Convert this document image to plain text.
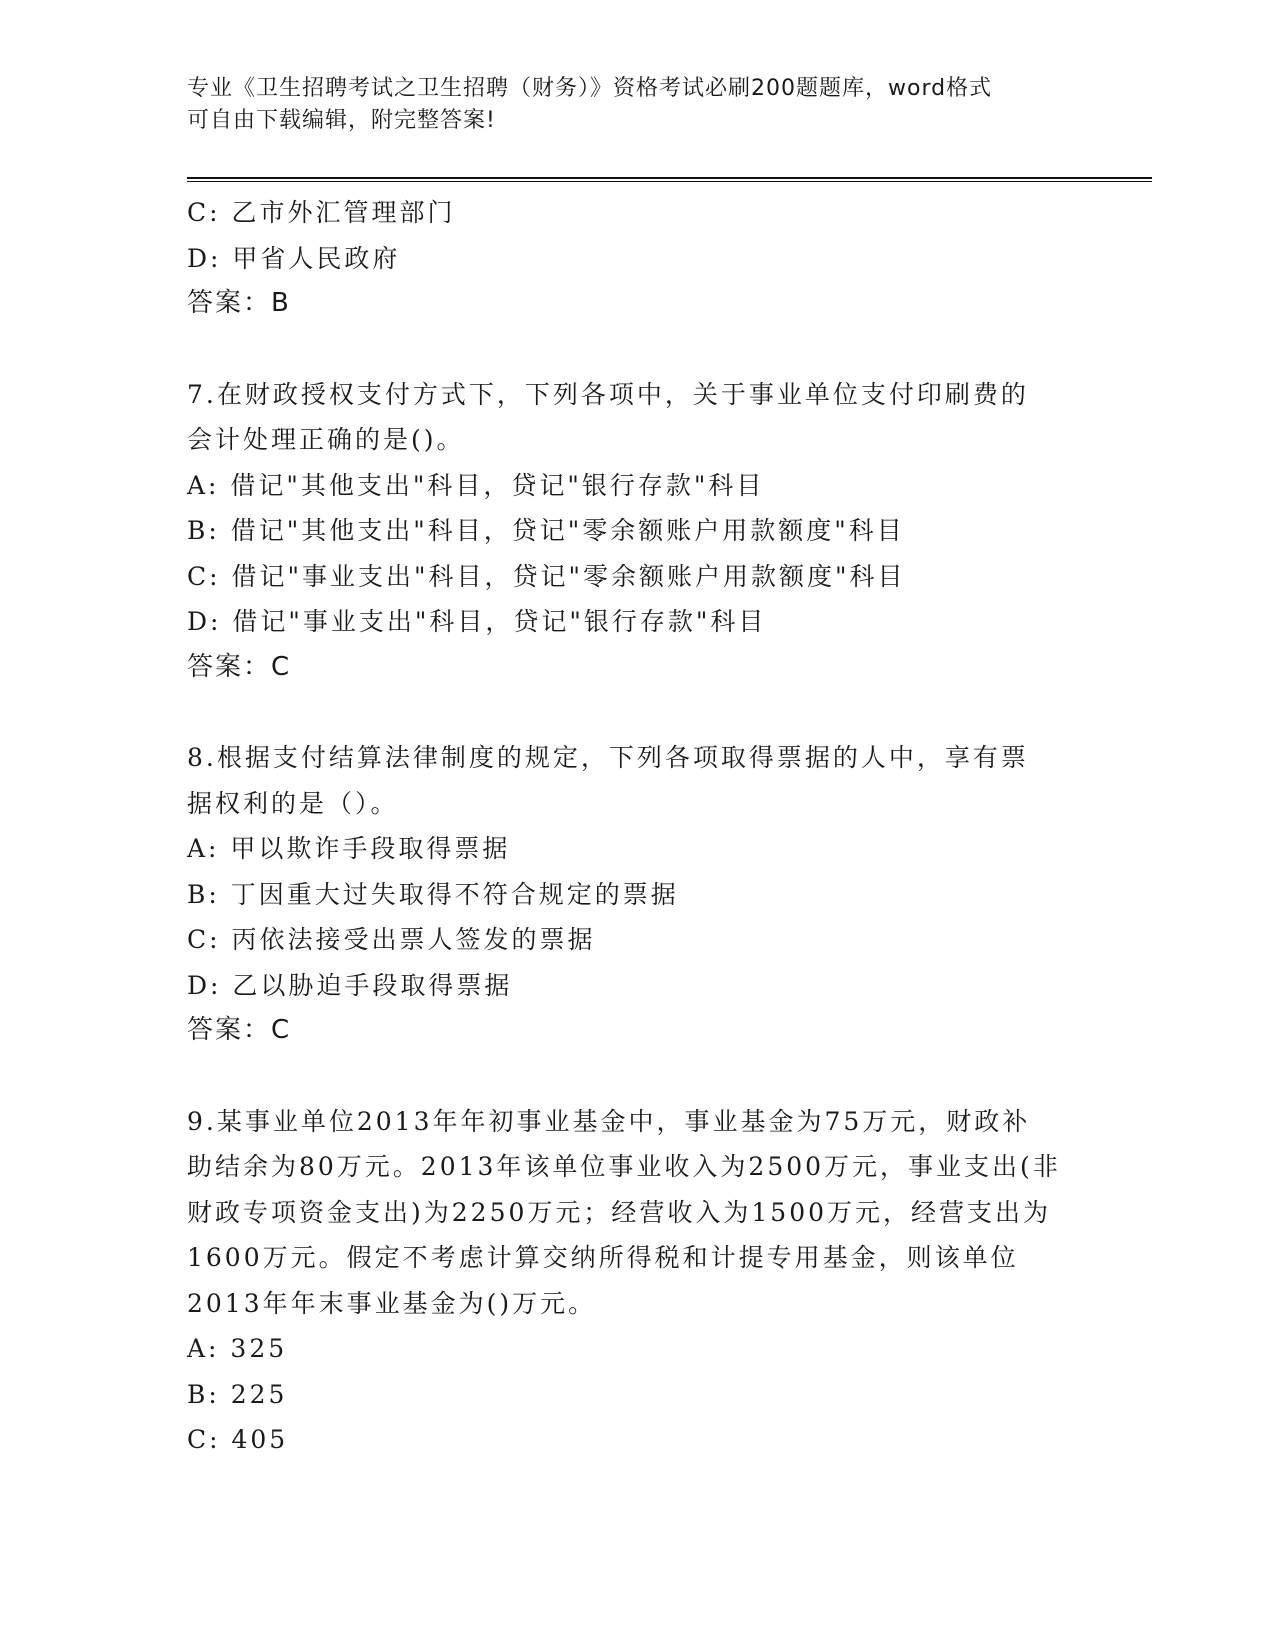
专业《卫生招聘考试之卫生招聘（财务）》资格考试必刷200题题库，word格式
可自由下载编辑，附完整答案!
C: 乙市外汇管理部门
D: 甲省人民政府
答案：B
7.在财政授权支付方式下，下列各项中，关于事业单位支付印刷费的
会计处理正确的是()。
A: 借记"其他支出"科目，贷记"银行存款"科目
B: 借记"其他支出"科目，贷记"零余额账户用款额度"科目
C: 借记"事业支出"科目，贷记"零余额账户用款额度"科目
D: 借记"事业支出"科目，贷记"银行存款"科目
答案：C
8.根据支付结算法律制度的规定，下列各项取得票据的人中，享有票
据权利的是（）。
A: 甲以欺诈手段取得票据
B: 丁因重大过失取得不符合规定的票据
C: 丙依法接受出票人签发的票据
D: 乙以胁迫手段取得票据
答案：C
9.某事业单位2013年年初事业基金中，事业基金为75万元，财政补
助结余为80万元。2013年该单位事业收入为2500万元，事业支出(非
财政专项资金支出)为2250万元；经营收入为1500万元，经营支出为
1600万元。假定不考虑计算交纳所得税和计提专用基金，则该单位
2013年年末事业基金为()万元。
A: 325
B: 225
C: 405
